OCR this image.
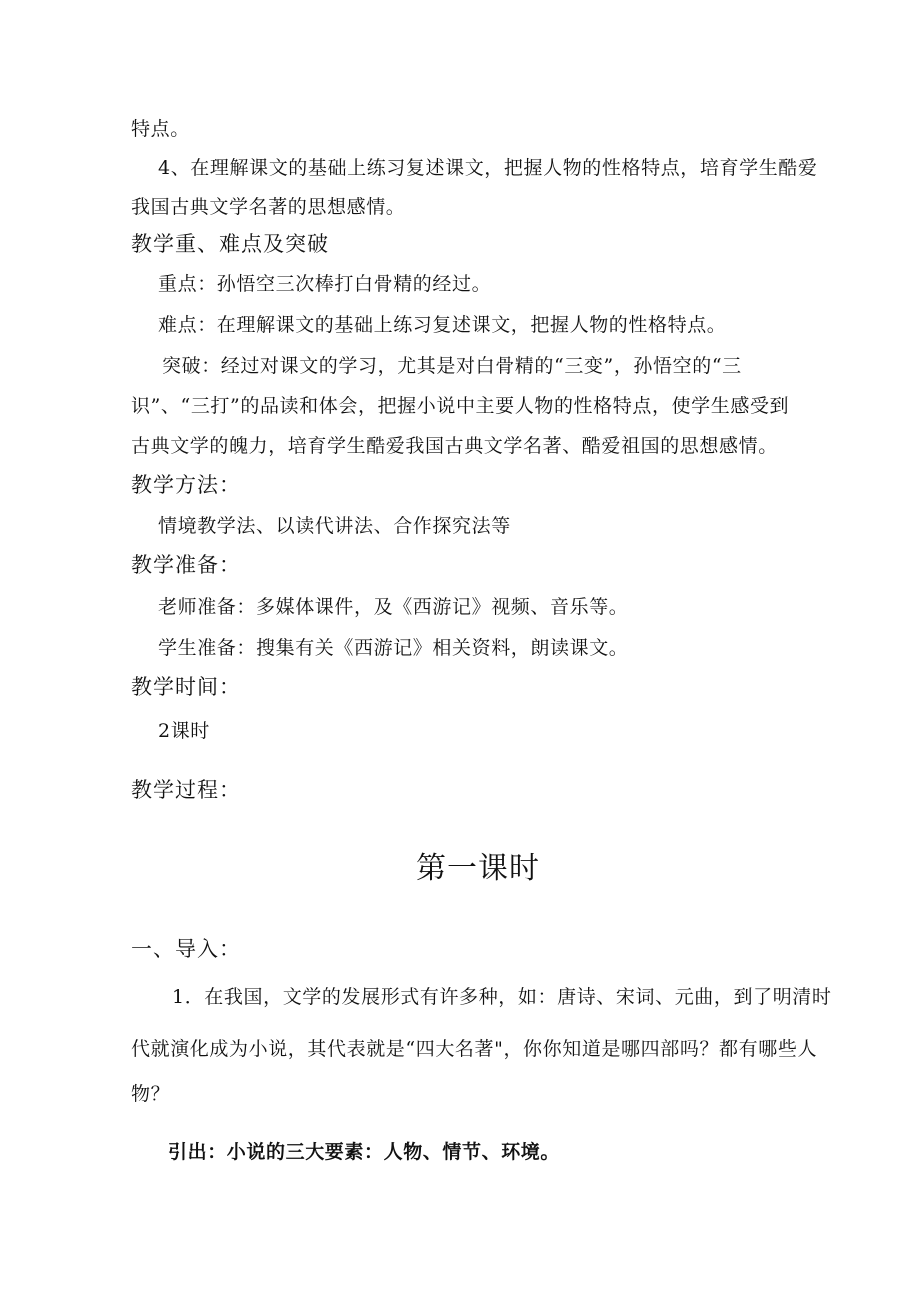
特点。
4、在理解课文的基础上练习复述课文，把握人物的性格特点，培育学生酷爱
我国古典文学名著的思想感情。
教学重、难点及突破
重点：孙悟空三次棒打白骨精的经过。
难点：在理解课文的基础上练习复述课文，把握人物的性格特点。
突破：经过对课文的学习，尤其是对白骨精的“三变”，孙悟空的“三
识”、“三打”的品读和体会，把握小说中主要人物的性格特点，使学生感受到
古典文学的魄力，培育学生酷爱我国古典文学名著、酷爱祖国的思想感情。
教学方法：
情境教学法、以读代讲法、合作探究法等
教学准备：
老师准备：多媒体课件，及《西游记》视频、音乐等。
学生准备：搜集有关《西游记》相关资料，朗读课文。
教学时间：
2课时
教学过程：
第一课时
一、导入：
1．在我国，文学的发展形式有许多种，如：唐诗、宋词、元曲，到了明清时
代就演化成为小说，其代表就是“四大名著"，你你知道是哪四部吗？都有哪些人
物？
引出：小说的三大要素：人物、情节、环境。
